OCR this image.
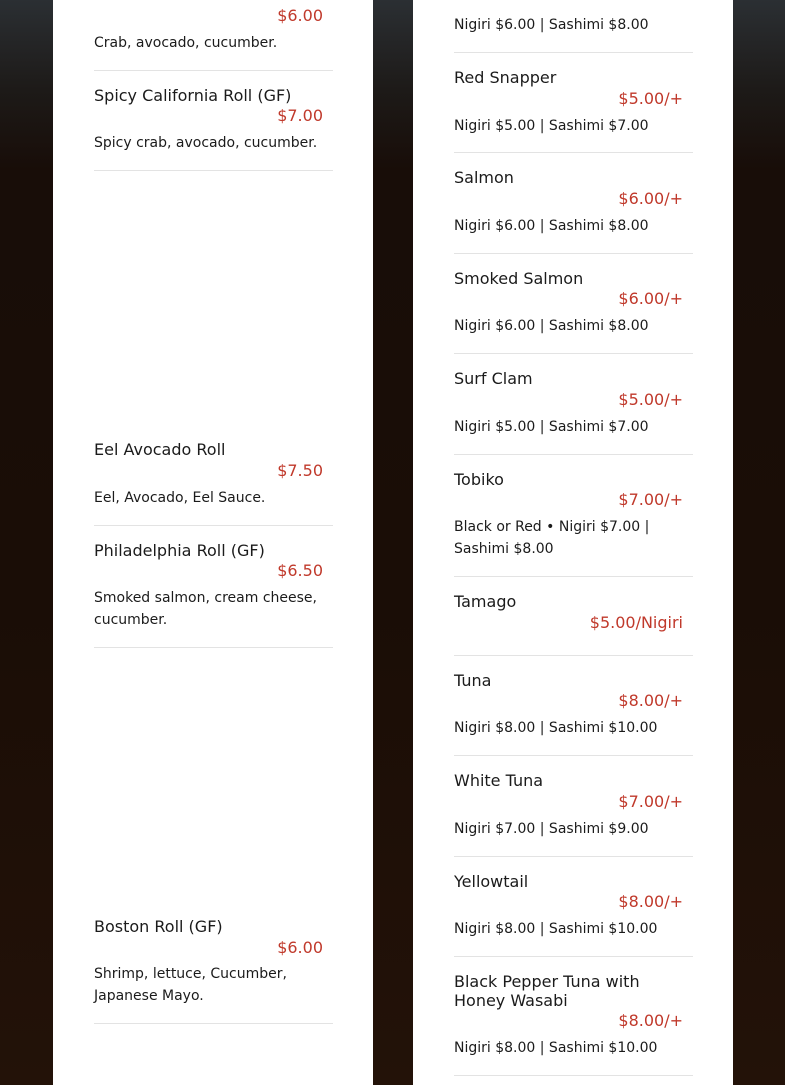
$6.00
Crab, avocado, cucumber.
Spicy California Roll (GF)
$7.00
Spicy crab, avocado, cucumber.
Eel Avocado Roll
$7.50
Eel, Avocado, Eel Sauce.
Philadelphia Roll (GF)
$6.50
Smoked salmon, cream cheese, cucumber.
Boston Roll (GF)
$6.00
Shrimp, lettuce, Cucumber, Japanese Mayo.
Nigiri $6.00 | Sashimi $8.00
Red Snapper
$5.00/+
Nigiri $5.00 | Sashimi $7.00
Salmon
$6.00/+
Nigiri $6.00 | Sashimi $8.00
Smoked Salmon
$6.00/+
Nigiri $6.00 | Sashimi $8.00
Surf Clam
$5.00/+
Nigiri $5.00 | Sashimi $7.00
Tobiko
$7.00/+
Black or Red • Nigiri $7.00 | Sashimi $8.00
Tamago
$5.00/Nigiri
Tuna
$8.00/+
Nigiri $8.00 | Sashimi $10.00
White Tuna
$7.00/+
Nigiri $7.00 | Sashimi $9.00
Yellowtail
$8.00/+
Nigiri $8.00 | Sashimi $10.00
Black Pepper Tuna with Honey Wasabi
$8.00/+
Nigiri $8.00 | Sashimi $10.00
